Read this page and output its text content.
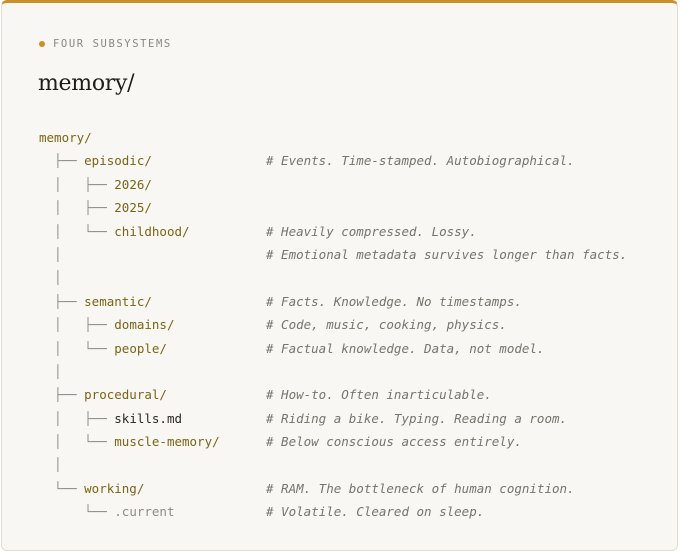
FOUR SUBSYSTEMS
memory/
memory/
├── episodic/	# Events. Time-stamped. Autobiographical.
│   ├── 2026/
│   ├── 2025/
│   └── childhood/	# Heavily compressed. Lossy.
│	# Emotional metadata survives longer than facts.
│
├── semantic/	# Facts. Knowledge. No timestamps.
│   ├── domains/	# Code, music, cooking, physics.
│   └── people/	# Factual knowledge. Data, not model.
│
├── procedural/	# How-to. Often inarticulable.
│   ├── skills.md	# Riding a bike. Typing. Reading a room.
│   └── muscle-memory/	# Below conscious access entirely.
│
└── working/	# RAM. The bottleneck of human cognition.
└── .current	# Volatile. Cleared on sleep.
